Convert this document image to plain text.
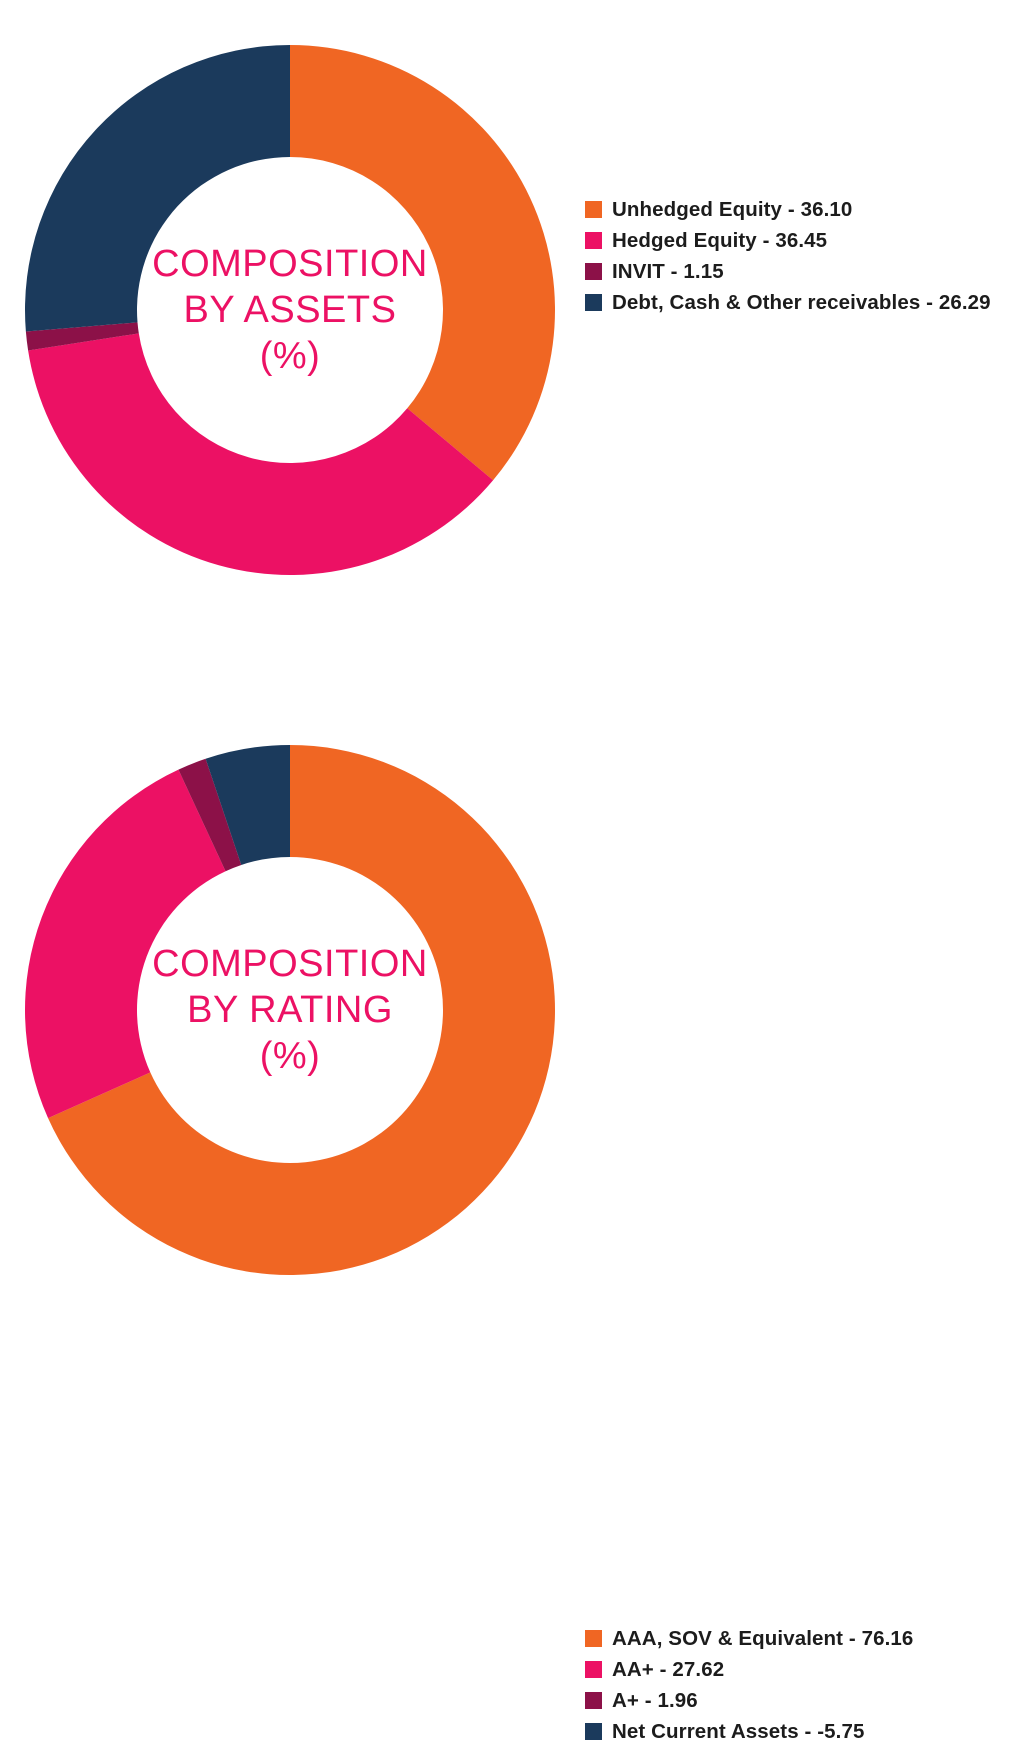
COMPOSITION
BY ASSETS
(%)
Unhedged Equity - 36.10
Hedged Equity - 36.45
INVIT - 1.15
Debt, Cash & Other receivables - 26.29
COMPOSITION
BY RATING
(%)
AAA, SOV & Equivalent - 76.16
AA+ - 27.62
A+ - 1.96
Net Current Assets - -5.75
